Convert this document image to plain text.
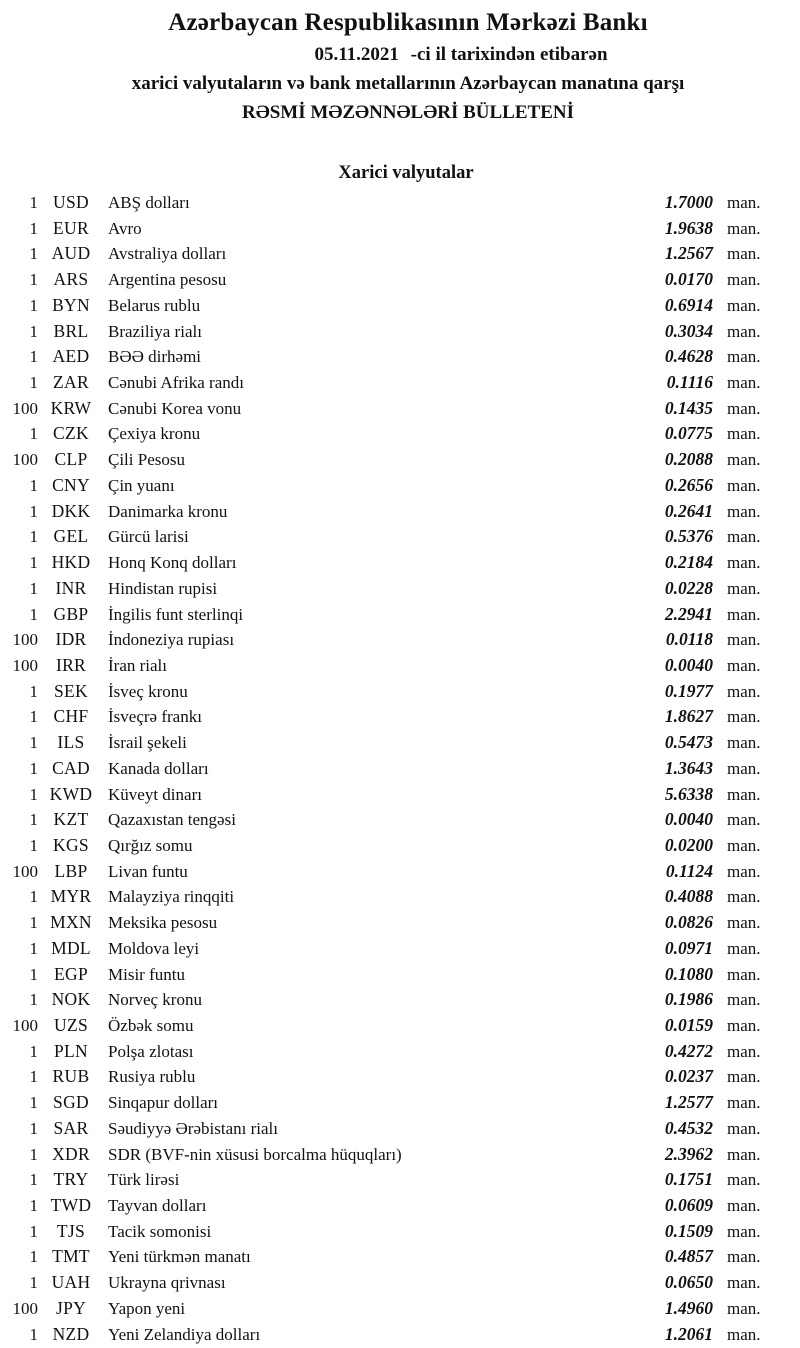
Azərbaycan Respublikasının Mərkəzi Bankı
05.11.2021 -ci il tarixindən etibarən
xarici valyutaların və bank metallarının Azərbaycan manatına qarşı
RƏSMİ MƏZƏNNƏLƏRİ BÜLLETENİ
Xarici valyutalar
1 USD	ABŞ dolları	1.7000 man.
1 EUR	Avro	1.9638 man.
1 AUD	Avstraliya dolları	1.2567 man.
1 ARS	Argentina pesosu	0.0170 man.
1 BYN	Belarus rublu	0.6914 man.
1 BRL	Braziliya rialı	0.3034 man.
1 AED	BƏƏ dirhəmi	0.4628 man.
1 ZAR	Cənubi Afrika randı	0.1116 man.
100 KRW Cənubi Korea vonu	0.1435 man.
1 CZK	Çexiya kronu	0.0775 man.
100 CLP	Çili Pesosu	0.2088 man.
1 CNY	Çin yuanı	0.2656 man.
1 DKK	Danimarka kronu	0.2641 man.
1 GEL	Gürcü larisi	0.5376 man.
1 HKD	Honq Konq dolları	0.2184 man.
1 INR	Hindistan rupisi	0.0228 man.
1 GBP	İngilis funt sterlinqi	2.2941 man.
100 IDR	İndoneziya rupiası	0.0118 man.
100	IRR	İran rialı	0.0040 man.
1 SEK	İsveç kronu	0.1977 man.
1 CHF	İsveçrə frankı	1.8627 man.
1	ILS	İsrail şekeli	0.5473 man.
1 CAD	Kanada dolları	1.3643 man.
1 KWD Küveyt dinarı	5.6338 man.
1 KZT	Qazaxıstan tengəsi	0.0040 man.
1 KGS	Qırğız somu	0.0200 man.
100 LBP	Livan funtu	0.1124 man.
1 MYR Malayziya rinqqiti	0.4088 man.
1 MXN Meksika pesosu	0.0826 man.
1 MDL	Moldova leyi	0.0971 man.
1 EGP	Misir funtu	0.1080 man.
1 NOK	Norveç kronu	0.1986 man.
100 UZS	Özbək somu	0.0159 man.
1 PLN	Polşa zlotası	0.4272 man.
1 RUB	Rusiya rublu	0.0237 man.
1 SGD	Sinqapur dolları	1.2577 man.
1 SAR	Səudiyyə Ərəbistanı rialı	0.4532 man.
1 XDR	SDR (BVF-nin xüsusi borcalma hüquqları)	2.3962 man.
1 TRY	Türk lirəsi	0.1751 man.
1 TWD Tayvan dolları	0.0609 man.
1	TJS	Tacik somonisi	0.1509 man.
1 TMT	Yeni türkmən manatı	0.4857 man.
1 UAH	Ukrayna qrivnası	0.0650 man.
100	JPY	Yapon yeni	1.4960 man.
1 NZD	Yeni Zelandiya dolları	1.2061 man.
